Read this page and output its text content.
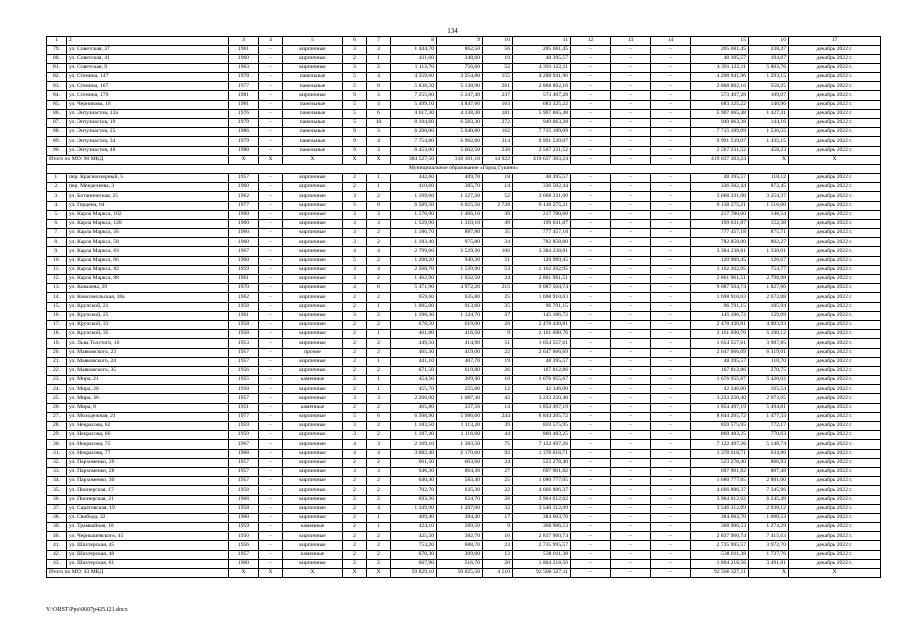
134
1	2	3	4	5	6	7	8	9	10	11	12	13	14	15	16	17
79.	ул. Советская, 37	1961	-	кирпичные	3	3	1 444,70	862,50	56	205 681,45	–	–	–	205 681,45	238,47	декабрь 2022 г.
80.	ул. Советская, 41	1960	-	кирпичные	2	1	411,60	248,60	19	48 395,57	–	–	–	48 395,57	194,67	декабрь 2022 г.
81.	ул. Советская, 9	1963	-	кирпичные	3	2	1 113,70	756,60	52	4 391 122,11	–	–	–	4 391 122,11	5 803,76	декабрь 2022 г.
82.	ул. Стенина, 147	1978	-	панельные	5	4	4 359,60	3 254,80	155	4 208 941,96	–	–	–	4 208 941,96	1 293,15	декабрь 2022 г.
83.	ул. Стенина, 167	1977	-	панельные	5	8	5 838,50	5 138,90	261	2 868 802,16	–	–	–	2 868 802,16	558,25	декабрь 2022 г.
84.	ул. Стенина, 179	1981	-	кирпичные	9	3	7 255,00	5 247,40	237	573 407,28	–	–	–	573 407,28	109,07	декабрь 2022 г.
85.	ул. Черникова, 18	1981	-	панельные	5	4	5 499,10	4 847,60	163	683 325,22	–	–	–	683 325,22	140,96	декабрь 2022 г.
86.	ул. Энтузиастов, 13а	1976	-	панельные	5	6	4 617,30	4 138,30	181	5 907 065,48	–	–	–	5 907 065,48	1 427,41	декабрь 2022 г.
87.	ул. Энтузиастов, 19	1979	-	панельные	5	10	8 104,60	6 583,30	272	949 063,38	–	–	–	949 063,38	144,16	декабрь 2022 г.
88.	ул. Энтузиастов, 25	1986	-	панельные	9	3	6 200,00	5 040,80	162	7 715 189,09	–	–	–	7 715 189,09	1 530,55	декабрь 2022 г.
89.	ул. Энтузиастов, 34	1979	-	панельные	9	4	7 754,80	6 962,00	314	9 991 539,07	–	–	–	9 991 539,07	1 435,15	декабрь 2022 г.
90.	ул. Энтузиастов, 48	1980	-	панельные	9	3	6 453,00	5 602,50	238	2 567 231,52	–	–	–	2 567 231,52	458,23	декабрь 2022 г.
Итого по МО: 90 МКД		X	X	X	X	X	384 527,50	310 101,10	14 922	419 637 303,24	–	–	–	419 637 303,24	X	X
Муниципальное образование «Город Гукино»																
1.	пер. Красноозерный, 5	1957	-	кирпичные	2	1	442,60	409,70	18	48 395,57	–	–	–	48 395,57	118,12	декабрь 2022 г.
2.	пер. Менделеева, 3	1960	-	кирпичные	2	1	410,60	385,70	14	336 502,44	–	–	–	336 502,44	872,45	декабрь 2022 г.
3.	ул. Ботаническая, 25	1962	-	кирпичные	3	2	1 199,60	1 127,20	52	3 668 331,00	–	–	–	3 668 331,00	3 254,37	декабрь 2022 г.
4.	ул. Герцена, 64	1977	-	кирпичные	5	8	6 589,50	6 025,50	2 728	9 138 275,21	–	–	–	9 138 275,21	1 516,60	декабрь 2022 г.
5.	ул. Карла Маркса, 102	1960	-	кирпичные	3	3	1 576,90	1 466,10	49	217 780,60	–	–	–	217 780,60	148,54	декабрь 2022 г.
6.	ул. Карла Маркса, 128	1960	-	кирпичные	3	3	1 529,90	1 310,10	49	199 631,87	–	–	–	199 631,87	152,38	декабрь 2022 г.
7.	ул. Карла Маркса, 56	1960	-	кирпичные	3	2	1 186,70	887,80	35	777 457,18	–	–	–	777 457,18	875,71	декабрь 2022 г.
8.	ул. Карла Маркса, 58	1960	-	кирпичные	3	2	1 183,40	975,80	34	782 858,00	–	–	–	782 858,00	802,27	декабрь 2022 г.
9.	ул. Карла Маркса, 63	1967	-	кирпичные	4	4	2 799,60	2 529,30	106	3 384 238,81	–	–	–	3 384 238,81	1 338,01	декабрь 2022 г.
10.	ул. Карла Маркса, 66	1960	-	кирпичные	5	2	1 200,20	940,30	51	120 989,45	–	–	–	120 989,45	128,67	декабрь 2022 г.
11.	ул. Карла Маркса, 82	1959	-	кирпичные	3	4	2 568,70	1 539,90	53	1 162 262,95	–	–	–	1 162 262,95	754,77	декабрь 2022 г.
12.	ул. Карла Маркса, 88	1961	-	кирпичные	3	2	1 462,90	1 022,50	24	2 861 961,51	–	–	–	2 861 961,51	2 798,98	декабрь 2022 г.
13.	ул. Ковалева, 29	1970	-	кирпичные	4	8	5 471,90	4 972,20	215	9 087 504,74	–	–	–	9 087 504,74	1 827,66	декабрь 2022 г.
14.	ул. Комсомольская, 38а	1962	-	кирпичные	2	2	659,60	635,80	25	1 698 910,63	–	–	–	1 698 910,63	2 672,08	декабрь 2022 г.
15.	ул. Крупской, 21	1958	-	кирпичные	2	1	1 005,00	913,60	35	96 791,15	–	–	–	96 791,15	105,94	декабрь 2022 г.
16.	ул. Крупской, 25	1961	-	кирпичные	3	2	1 198,30	1 124,70	37	145 186,72	–	–	–	145 186,72	129,09	декабрь 2022 г.
17.	ул. Крупской, 33	1958	-	кирпичные	2	2	678,50	619,00	28	2 478 430,81	–	–	–	2 478 430,81	4 003,93	декабрь 2022 г.
18.	ул. Крупской, 35	1958	-	кирпичные	2	1	461,80	416,50	9	2 161 690,76	–	–	–	2 161 690,76	5 190,12	декабрь 2022 г.
19.	ул. Льва Толстого, 16	1953	-	кирпичные	2	2	449,50	414,90	51	1 654 557,61	–	–	–	1 654 557,61	3 987,85	декабрь 2022 г.
20.	ул. Маяковского, 23	1957	-	прочие	2	2	465,30	419,00	22	2 647 666,69	–	–	–	2 647 666,69	6 319,01	декабрь 2022 г.
21.	ул. Маяковского, 24	1957	-	кирпичные	2	1	441,10	407,70	19	48 395,57	–	–	–	48 395,57	118,70	декабрь 2022 г.
22.	ул. Маяковского, 35	1956	-	кирпичные	2	2	671,50	619,80	26	167 812,86	–	–	–	167 812,86	270,75	декабрь 2022 г.
23.	ул. Мира, 21	1955	-	каменные	2	1	454,50	309,40	16	1 676 955,67	–	–	–	1 676 955,67	5 420,02	декабрь 2022 г.
24.	ул. Мира, 26	1950	-	кирпичные	2	1	455,70	255,80	12	42 346,00	–	–	–	42 346,00	165,54	декабрь 2022 г.
25.	ул. Мира, 36	1957	-	кирпичные	3	3	2 266,00	1 087,30	42	3 233 250,40	–	–	–	3 233 250,40	2 973,65	декабрь 2022 г.
26.	ул. Мира, 8	1951	-	каменные	2	2	465,80	337,50	14	1 854 497,19	–	–	–	1 854 497,19	5 494,81	декабрь 2022 г.
27.	ул. Молодежная, 21	1977	-	кирпичные	5	6	6 508,90	5 986,60	244	8 844 205,72	–	–	–	8 844 205,72	1 477,33	декабрь 2022 г.
28.	ул. Некрасова, 62	1959	-	кирпичные	3	2	1 183,50	1 113,20	39	859 575,95	–	–	–	859 575,95	772,17	декабрь 2022 г.
29.	ул. Некрасова, 66	1959	-	кирпичные	3	2	1 187,40	1 116,60	44	860 483,25	–	–	–	860 483,25	770,63	декабрь 2022 г.
30.	ул. Некрасова, 75	1967	-	кирпичные	4	3	2 169,10	1 383,50	75	7 122 497,26	–	–	–	7 122 497,26	5 148,74	декабрь 2022 г.
31.	ул. Некрасова, 77	1968	-	кирпичные	4	4	3 082,40	2 170,60	92	1 378 018,71	–	–	–	1 378 018,71	634,86	декабрь 2022 г.
32.	ул. Пархоменко, 26	1957	-	кирпичные	2	2	661,50	603,60	24	523 278,40	–	–	–	523 278,40	866,93	декабрь 2022 г.
33.	ул. Пархоменко, 28	1957	-	кирпичные	3	3	946,30	864,30	27	697 901,82	–	–	–	697 901,82	807,48	декабрь 2022 г.
34.	ул. Пархоменко, 30	1957	-	кирпичные	2	2	640,40	583,40	25	1 680 777,05	–	–	–	1 680 777,05	2 881,00	декабрь 2022 г.
35.	ул. Пионерская, 17	1958	-	кирпичные	2	2	702,70	635,30	22	4 666 886,37	–	–	–	4 666 886,37	7 345,96	декабрь 2022 г.
36.	ул. Пионерская, 21	1968	-	кирпичные	2	2	693,30	634,70	26	3 964 012,62	–	–	–	3 964 012,62	6 245,49	декабрь 2022 г.
37.	ул. Саратовская, 19	1958	-	кирпичные	2	4	1 349,90	1 207,00	32	3 546 312,09	–	–	–	3 546 312,09	2 938,12	декабрь 2022 г.
38.	ул. Свобода, 32	1960	-	кирпичные	2	1	409,40	384,40	17	384 603,70	–	–	–	384 603,70	1 000,53	декабрь 2022 г.
39.	ул. Трамвайная, 18	1959	-	каменные	2	1	424,10	289,50	9	368 906,53	–	–	–	368 906,53	1 274,29	декабрь 2022 г.
40.	ул. Чернышевского, 45	1950	-	кирпичные	2	2	425,50	382,70	16	2 837 960,74	–	–	–	2 837 960,74	7 415,63	декабрь 2022 г.
41.	ул. Шахтерская, 45	1956	-	кирпичные	2	2	753,20	688,70	23	2 735 995,57	–	–	–	2 735 995,57	3 972,70	декабрь 2022 г.
42.	ул. Шахтерская, 48	1957	-	каменные	2	2	670,30	309,60	12	538 011,38	–	–	–	538 011,38	1 737,76	декабрь 2022 г.
43.	ул. Шахтерская, 61	1960	-	кирпичные	2	2	667,90	516,70	20	1 804 218,56	–	–	–	1 804 218,56	3 491,81	декабрь 2022 г.
Итого по МО: 43 МКД		X	X	X	X	X	59 829,10	50 025,50	4 510	92 506 327,11	–	–	–	92 506 327,11	X	X
Y:\ORST\Ppo\0607p425.f21.docx
